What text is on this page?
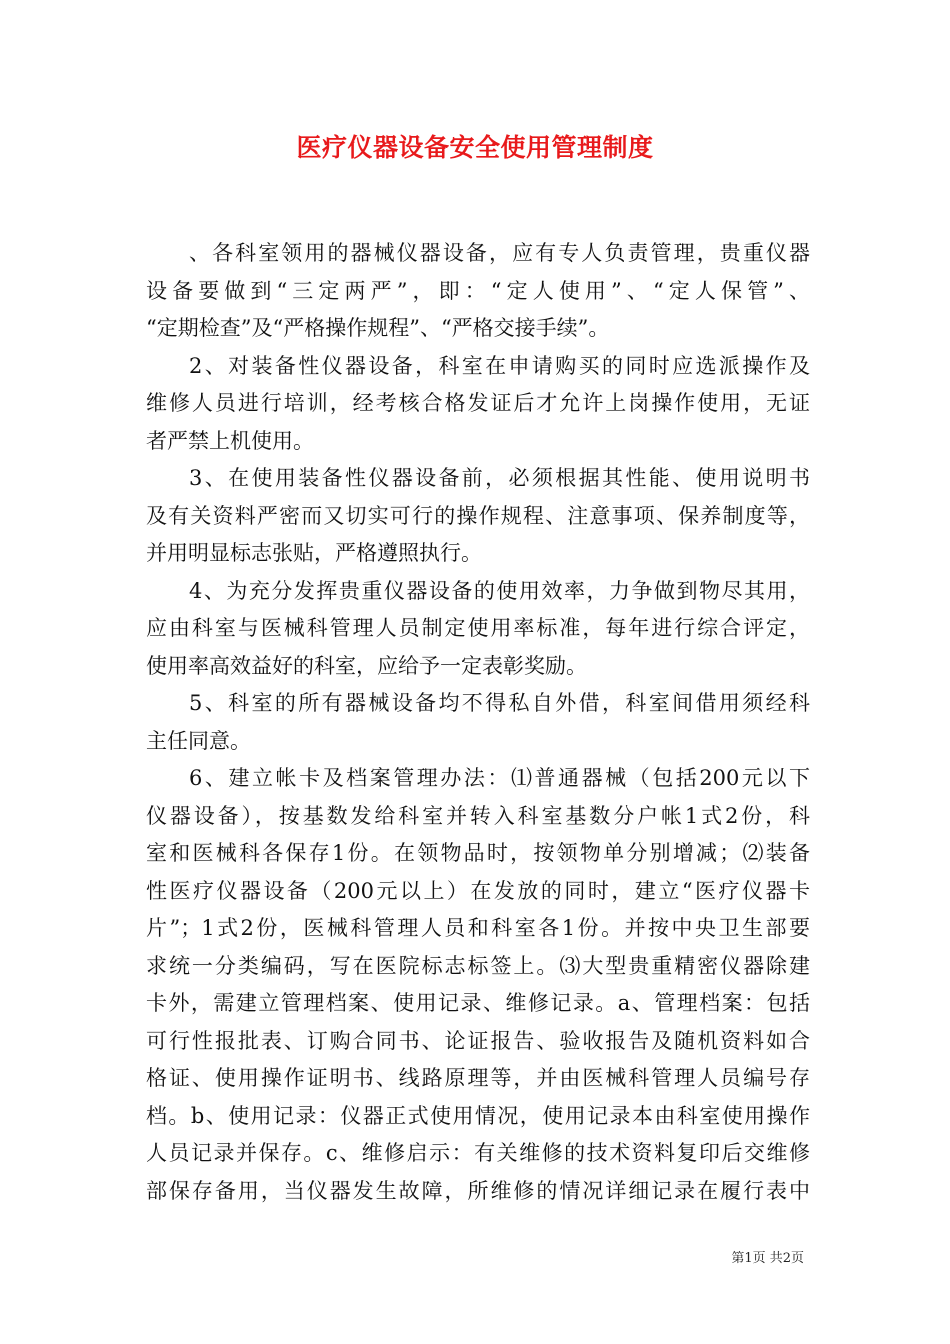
医疗仪器设备安全使用管理制度
、各科室领用的器械仪器设备，应有专人负责管理，贵重仪器
设备要做到“三定两严”，即：“定人使用”、“定人保管”、
“定期检查”及“严格操作规程”、“严格交接手续”。
2、对装备性仪器设备，科室在申请购买的同时应选派操作及
维修人员进行培训，经考核合格发证后才允许上岗操作使用，无证
者严禁上机使用。
3、在使用装备性仪器设备前，必须根据其性能、使用说明书
及有关资料严密而又切实可行的操作规程、注意事项、保养制度等，
并用明显标志张贴，严格遵照执行。
4、为充分发挥贵重仪器设备的使用效率，力争做到物尽其用，
应由科室与医械科管理人员制定使用率标准，每年进行综合评定，
使用率高效益好的科室，应给予一定表彰奖励。
5、科室的所有器械设备均不得私自外借，科室间借用须经科
主任同意。
6、建立帐卡及档案管理办法：⑴普通器械（包括200元以下
仪器设备），按基数发给科室并转入科室基数分户帐1式2份，科
室和医械科各保存1份。在领物品时，按领物单分别增减；⑵装备
性医疗仪器设备（200元以上）在发放的同时，建立“医疗仪器卡
片”；1式2份，医械科管理人员和科室各1份。并按中央卫生部要
求统一分类编码，写在医院标志标签上。⑶大型贵重精密仪器除建
卡外，需建立管理档案、使用记录、维修记录。a、管理档案：包括
可行性报批表、订购合同书、论证报告、验收报告及随机资料如合
格证、使用操作证明书、线路原理等，并由医械科管理人员编号存
档。b、使用记录：仪器正式使用情况，使用记录本由科室使用操作
人员记录并保存。c、维修启示：有关维修的技术资料复印后交维修
部保存备用，当仪器发生故障，所维修的情况详细记录在履行表中
第1页 共2页
